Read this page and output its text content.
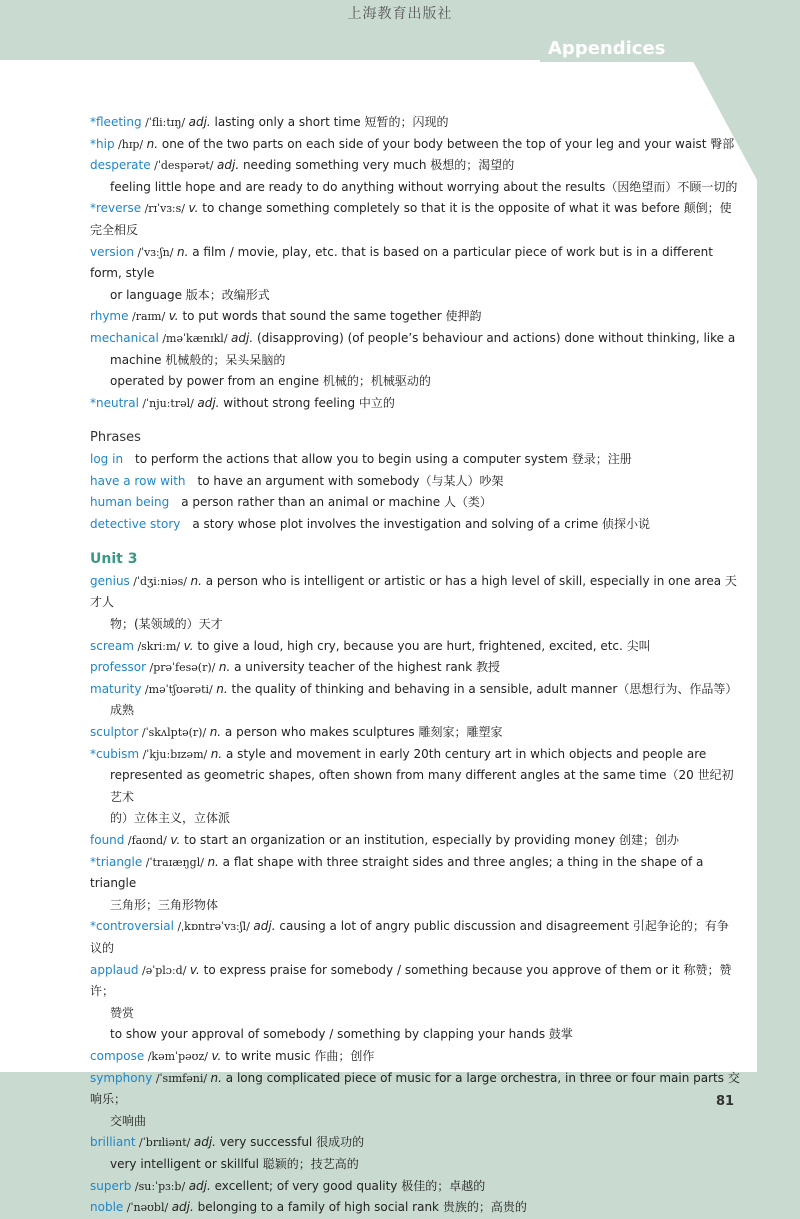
上海教育出版社
Appendices
*fleeting /ˈfliːtɪŋ/ adj. lasting only a short time 短暂的；闪现的
*hip /hɪp/ n. one of the two parts on each side of your body between the top of your leg and your waist 臀部
desperate /ˈdespərət/ adj. needing something very much 极想的；渴望的
feeling little hope and are ready to do anything without worrying about the results（因绝望而）不顾一切的
*reverse /rɪˈvɜːs/ v. to change something completely so that it is the opposite of what it was before 颠倒；使完全相反
version /ˈvɜːʃn/ n. a film / movie, play, etc. that is based on a particular piece of work but is in a different form, style
or language 版本；改编形式
rhyme /raɪm/ v. to put words that sound the same together 使押韵
mechanical /məˈkænɪkl/ adj. (disapproving) (of people’s behaviour and actions) done without thinking, like a
machine 机械般的；呆头呆脑的
operated by power from an engine 机械的；机械驱动的
*neutral /ˈnjuːtrəl/ adj. without strong feeling 中立的
Phrases
log in to perform the actions that allow you to begin using a computer system 登录；注册
have a row with to have an argument with somebody（与某人）吵架
human being a person rather than an animal or machine 人（类）
detective story a story whose plot involves the investigation and solving of a crime 侦探小说
Unit 3
genius /ˈdʒiːniəs/ n. a person who is intelligent or artistic or has a high level of skill, especially in one area 天才人
物；(某领域的）天才
scream /skriːm/ v. to give a loud, high cry, because you are hurt, frightened, excited, etc. 尖叫
professor /prəˈfesə(r)/ n. a university teacher of the highest rank 教授
maturity /məˈtʃʊərəti/ n. the quality of thinking and behaving in a sensible, adult manner（思想行为、作品等）
成熟
sculptor /ˈskʌlptə(r)/ n. a person who makes sculptures 雕刻家；雕塑家
*cubism /ˈkjuːbɪzəm/ n. a style and movement in early 20th century art in which objects and people are
represented as geometric shapes, often shown from many different angles at the same time（20 世纪初艺术
的）立体主义，立体派
found /faʊnd/ v. to start an organization or an institution, especially by providing money 创建；创办
*triangle /ˈtraɪæŋgl/ n. a flat shape with three straight sides and three angles; a thing in the shape of a triangle
三角形；三角形物体
*controversial /ˌkɒntrəˈvɜːʃl/ adj. causing a lot of angry public discussion and disagreement 引起争论的；有争议的
applaud /əˈplɔːd/ v. to express praise for somebody / something because you approve of them or it 称赞；赞许；
赞赏
to show your approval of somebody / something by clapping your hands 鼓掌
compose /kəmˈpəʊz/ v. to write music 作曲；创作
symphony /ˈsɪmfəni/ n. a long complicated piece of music for a large orchestra, in three or four main parts 交响乐；
交响曲
brilliant /ˈbrɪliənt/ adj. very successful 很成功的
very intelligent or skillful 聪颖的；技艺高的
superb /suːˈpɜːb/ adj. excellent; of very good quality 极佳的；卓越的
noble /ˈnəʊbl/ adj. belonging to a family of high social rank 贵族的；高贵的
81
